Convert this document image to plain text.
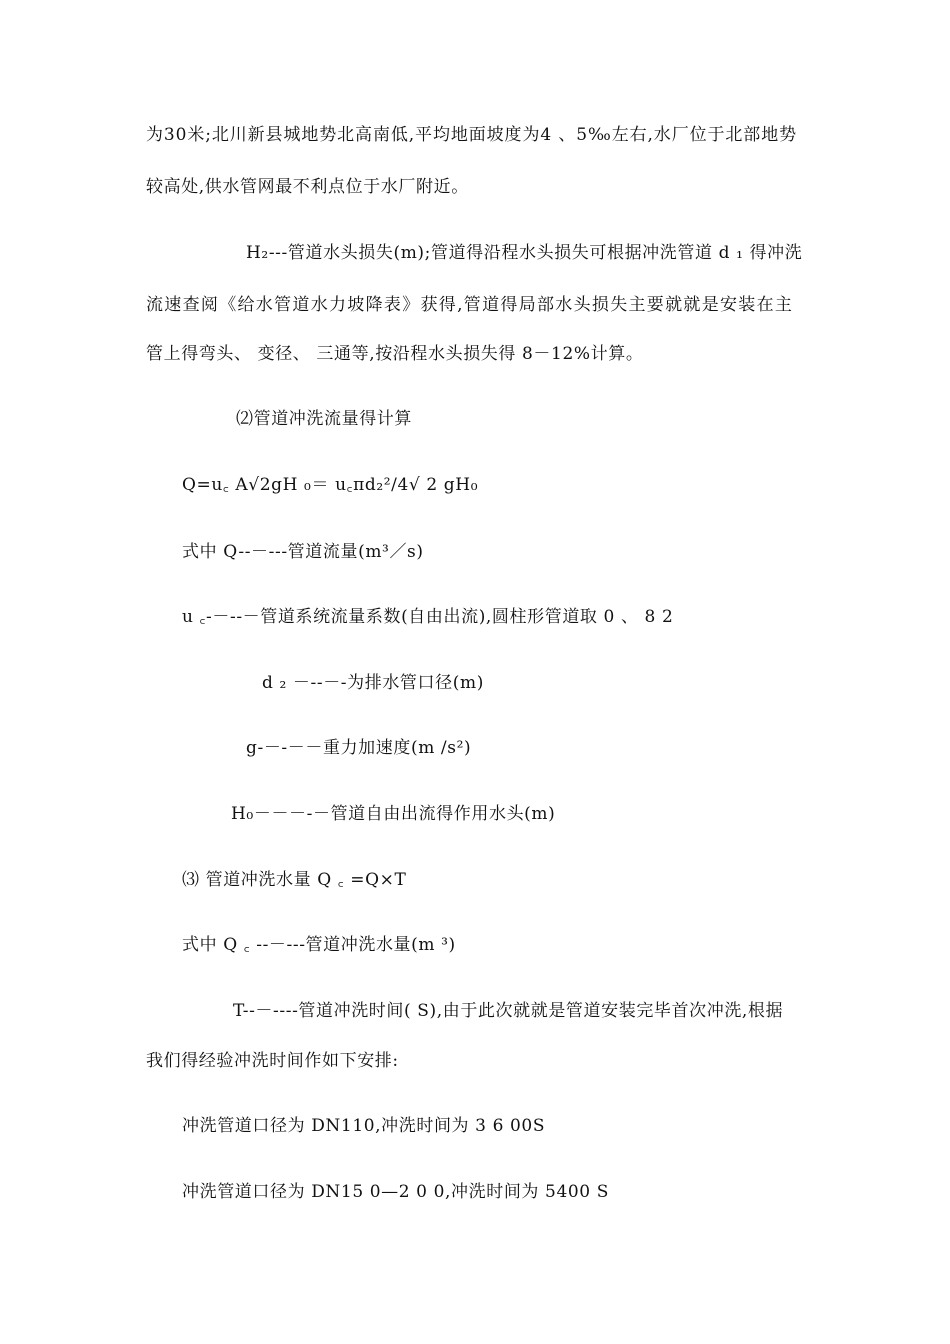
为30米;北川新县城地势北高南低,平均地面坡度为4 、5‰左右,水厂位于北部地势
较高处,供水管网最不利点位于水厂附近。
H₂---管道水头损失(m);管道得沿程水头损失可根据冲洗管道 d ₁ 得冲洗
流速查阅《给水管道水力坡降表》获得,管道得局部水头损失主要就就是安装在主
管上得弯头、 变径、 三通等,按沿程水头损失得 8－12%计算。
⑵管道冲洗流量得计算
Q=u꜀ A√2gH ₀＝ u꜀πd₂²/4√ 2 gH₀
式中 Q--－---管道流量(m³／s)
u ꜀-－--－管道系统流量系数(自由出流),圆柱形管道取 0 、 8 2
d ₂ －--－-为排水管口径(m)
g-－-－－重力加速度(m /s²)
H₀－－－-－管道自由出流得作用水头(m)
⑶ 管道冲洗水量 Q ꜀ =Q×T
式中 Q ꜀ --－---管道冲洗水量(m ³)
T--－----管道冲洗时间( S),由于此次就就是管道安装完毕首次冲洗,根据
我们得经验冲洗时间作如下安排:
冲洗管道口径为 DN110,冲洗时间为 3 6 00S
冲洗管道口径为 DN15 0—2 0 0,冲洗时间为 5400 S
